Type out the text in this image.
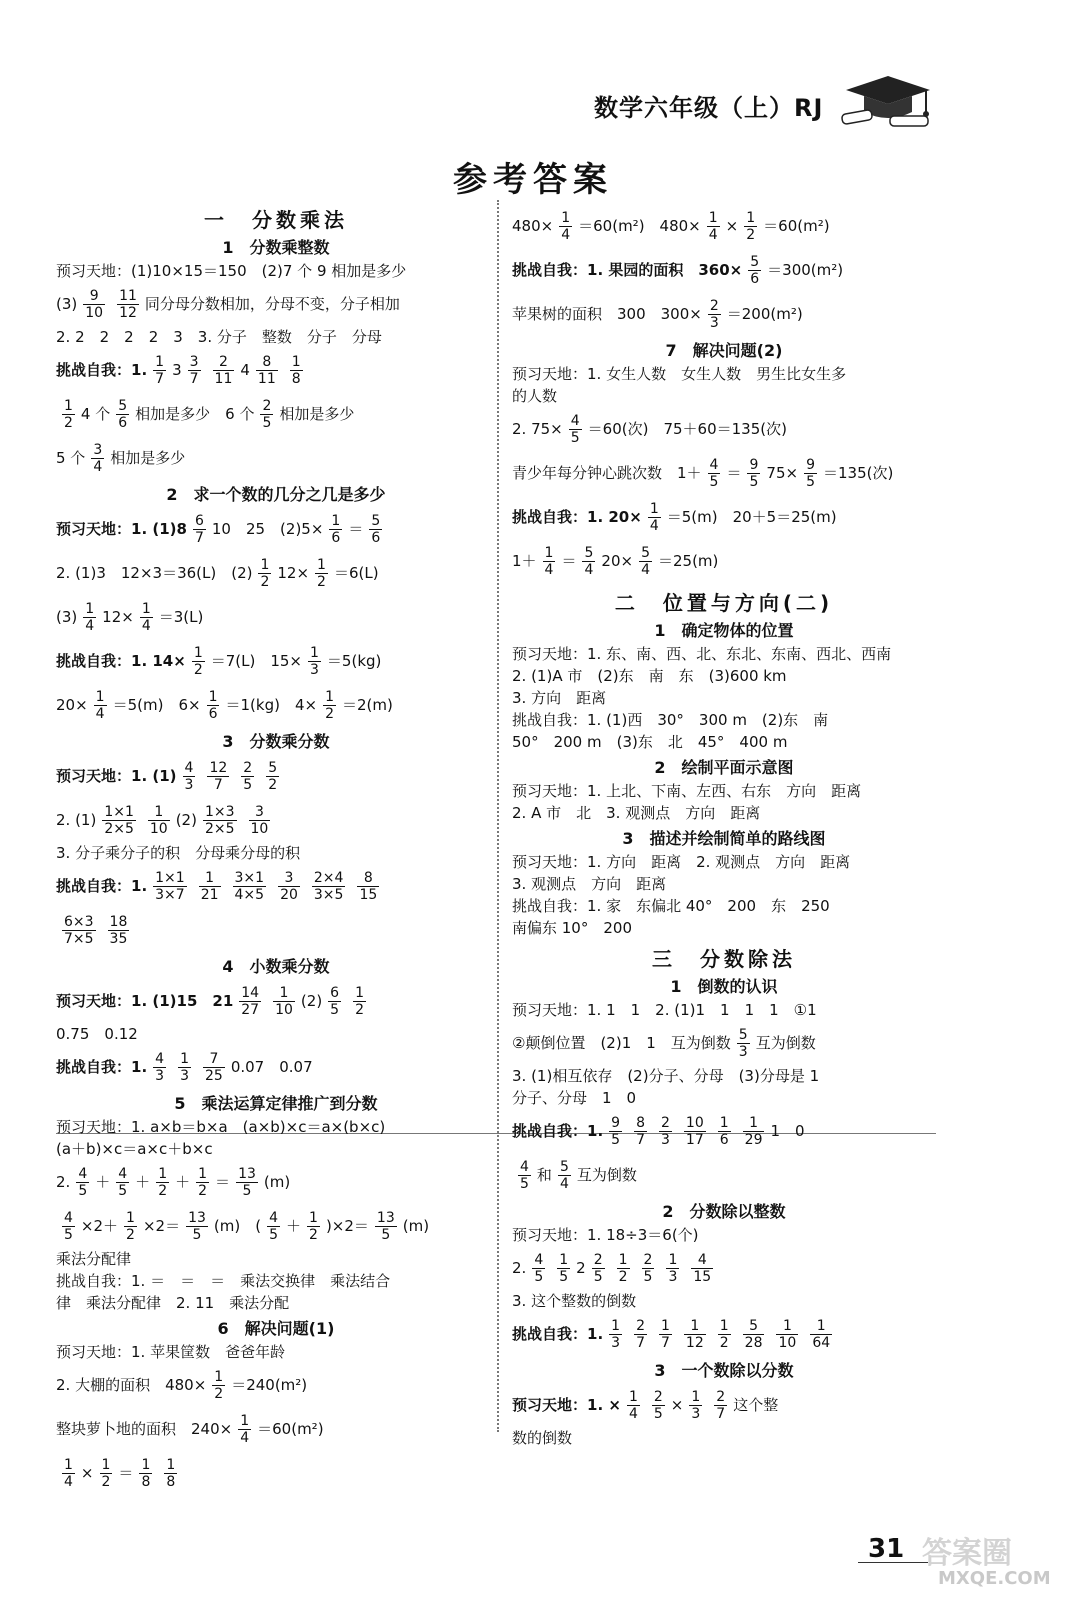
数学六年级（上）RJ
参考答案
一　分数乘法
1　分数乘整数

预习天地：(1)10×15＝150　(2)7 个 9 相加是多少

$(3) \frac{9}{10} \frac{11}{12}$ 同分母分数相加，分母不变，分子相加

2. 2　2　2　2　3　3. 分子　整数　分子　分母

挑战自我：1. $\frac{1}{7} 3 \frac{3}{7} \frac{2}{11} 4 \frac{8}{11} \frac{1}{8}$

$\frac{1}{2} 4$ 个 $\frac{5}{6}$ 相加是多少　6 个 $\frac{2}{5}$ 相加是多少

5 个 $\frac{3}{4}$ 相加是多少

2　求一个数的几分之几是多少

预习天地：1. $(1)8 \frac{6}{7} 10$　25　$(2)5\times \frac{1}{6} = \frac{5}{6}$

2. (1)3　12×3＝36(L)　$(2) \frac{1}{2} 12\times \frac{1}{2} =6(L)$

$(3) \frac{1}{4} 12\times \frac{1}{4} =3(L)$

挑战自我：1. $14\times \frac{1}{2} =7(L)$　$15\times \frac{1}{3} =5(kg)$

$20\times \frac{1}{4} =5(m)$　$6\times \frac{1}{6} =1(kg)$　$4\times \frac{1}{2} =2(m)$

3　分数乘分数

预习天地：1. $(1) \frac{4}{3} \frac{12}{7} \frac{2}{5} \frac{5}{2}$

2. $(1) \frac{1\times 1}{2\times 5} \frac{1}{10} (2) \frac{1\times 3}{2\times 5} \frac{3}{10}$

3. 分子乘分子的积　分母乘分母的积

挑战自我：1. $\frac{1\times 1}{3\times 7} \frac{1}{21} \frac{3\times 1}{4\times 5} \frac{3}{20} \frac{2\times 4}{3\times 5} \frac{8}{15}$

$\frac{6\times 3}{7\times 5} \frac{18}{35}$

4　小数乘分数

预习天地：1. (1)15　$21 \frac{14}{27} \frac{1}{10} (2) \frac{6}{5} \frac{1}{2}$

0.75　0.12

挑战自我：1. $\frac{4}{3} \frac{1}{3} \frac{7}{25} 0.07$　0.07

5　乘法运算定律推广到分数

预习天地：1. a×b＝b×a　(a×b)×c＝a×(b×c)

(a＋b)×c＝a×c＋b×c

2. $\frac{4}{5} + \frac{4}{5} + \frac{1}{2} + \frac{1}{2} = \frac{13}{5} (m)$

$\frac{4}{5} \times 2+ \frac{1}{2} \times 2= \frac{13}{5} (m)$　( $\frac{4}{5} + \frac{1}{2} )\times 2= \frac{13}{5} (m)$

乘法分配律

挑战自我：1. ＝　＝　＝　乘法交换律　乘法结合

律　乘法分配律　2. 11　乘法分配

6　解决问题(1)

预习天地：1. 苹果筐数　爸爸年龄

2. 大棚的面积　$480\times \frac{1}{2} =240(m^2)$

整块萝卜地的面积　$240\times \frac{1}{4} =60(m^2)$

$\frac{1}{4} \times \frac{1}{2} = \frac{1}{8} \frac{1}{8}$

$480\times \frac{1}{4} =60(m^2)$　$480\times \frac{1}{4} \times \frac{1}{2} =60(m^2)$

挑战自我：1. 果园的面积　$360\times \frac{5}{6} =300(m^2)$

苹果树的面积　300　$300\times \frac{2}{3} =200(m^2)$

7　解决问题(2)

预习天地：1. 女生人数　女生人数　男生比女生多

的人数

2. $75\times \frac{4}{5} =60$(次)　75＋60＝135(次)

青少年每分钟心跳次数　$1+ \frac{4}{5} = \frac{9}{5} 75\times \frac{9}{5} =135$(次)

挑战自我：1. $20\times \frac{1}{4} =5(m)$　20＋5＝25(m)

$1+ \frac{1}{4} = \frac{5}{4} 20\times \frac{5}{4} =25(m)$

二　位置与方向(二)
1　确定物体的位置

预习天地：1. 东、南、西、北、东北、东南、西北、西南

2. (1)A 市　(2)东　南　东　(3)600 km

3. 方向　距离

挑战自我：1. (1)西　30°　300 m　(2)东　南

50°　200 m　(3)东　北　45°　400 m

2　绘制平面示意图

预习天地：1. 上北、下南、左西、右东　方向　距离

2. A 市　北　3. 观测点　方向　距离

3　描述并绘制简单的路线图

预习天地：1. 方向　距离　2. 观测点　方向　距离

3. 观测点　方向　距离

挑战自我：1. 家　东偏北 40°　200　东　250

南偏东 10°　200

三　分数除法
1　倒数的认识

预习天地：1. 1　1　2. (1)1　1　1　1　①1

②颠倒位置　(2)1　1　互为倒数 $\frac{5}{3}$ 互为倒数

3. (1)相互依存　(2)分子、分母　(3)分母是 1

分子、分母　1　0

挑战自我：1. $\frac{9}{5} \frac{8}{7} \frac{2}{3} \frac{10}{17} \frac{1}{6} \frac{1}{29} 1$　0

$\frac{4}{5}$ 和 $\frac{5}{4}$ 互为倒数

2　分数除以整数

预习天地：1. 18÷3＝6(个)

2. $\frac{4}{5} \frac{1}{5} 2 \frac{2}{5} \frac{1}{2} \frac{2}{5} \frac{1}{3} \frac{4}{15}$

3. 这个整数的倒数

挑战自我：1. $\frac{1}{3} \frac{2}{7} \frac{1}{7} \frac{1}{12} \frac{1}{2} \frac{5}{28} \frac{1}{10} \frac{1}{64}$

3　一个数除以分数

预习天地：1. × $\frac{1}{4} \frac{2}{5} \times \frac{1}{3} \frac{2}{7}$ 这个整

数的倒数

31 答案圈
MXQE.COM
